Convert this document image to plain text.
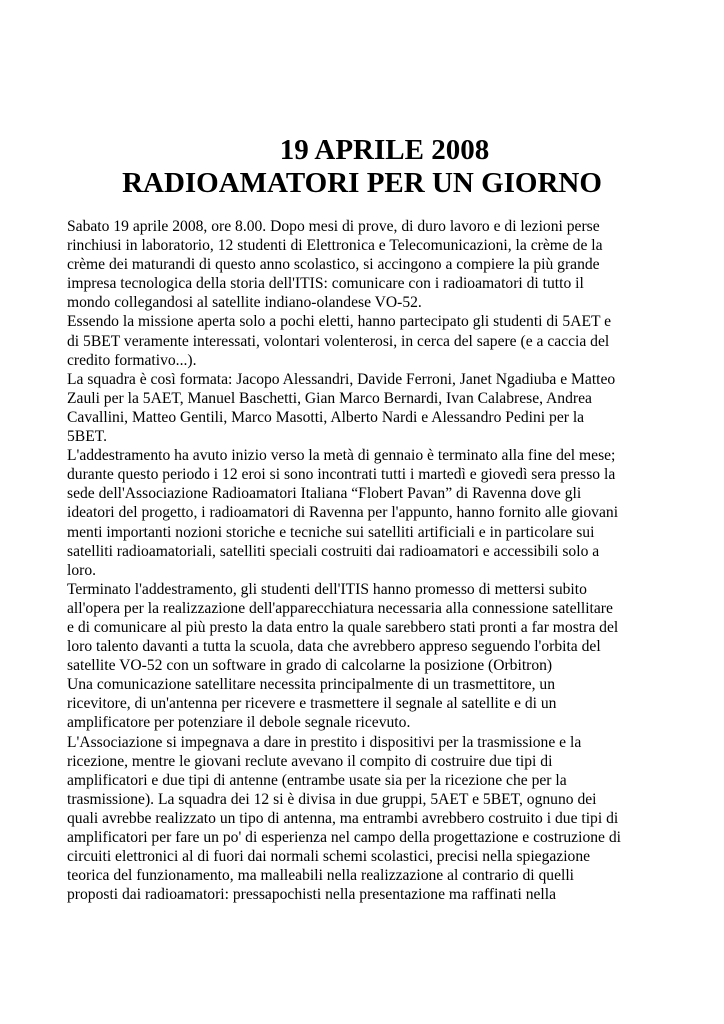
19 APRILE 2008
RADIOAMATORI PER UN GIORNO
Sabato 19 aprile 2008, ore 8.00. Dopo mesi di prove, di duro lavoro e di lezioni perse
rinchiusi in laboratorio, 12 studenti di Elettronica e Telecomunicazioni, la crème de la
crème dei maturandi di questo anno scolastico, si accingono a compiere la più grande
impresa tecnologica della storia dell'ITIS: comunicare con i radioamatori di tutto il
mondo collegandosi al satellite indiano-olandese VO-52.
Essendo la missione aperta solo a pochi eletti, hanno partecipato gli studenti di 5AET e
di 5BET veramente interessati, volontari volenterosi, in cerca del sapere (e a caccia del
credito formativo...).
La squadra è così formata: Jacopo Alessandri, Davide Ferroni, Janet Ngadiuba e Matteo
Zauli per la 5AET, Manuel Baschetti, Gian Marco Bernardi, Ivan Calabrese, Andrea
Cavallini, Matteo Gentili, Marco Masotti, Alberto Nardi e Alessandro Pedini per la
5BET.
L'addestramento ha avuto inizio verso la metà di gennaio è terminato alla fine del mese;
durante questo periodo i 12 eroi si sono incontrati tutti i martedì e giovedì sera presso la
sede dell'Associazione Radioamatori Italiana “Flobert Pavan” di Ravenna dove gli
ideatori del progetto, i radioamatori di Ravenna per l'appunto, hanno fornito alle giovani
menti importanti nozioni storiche e tecniche sui satelliti artificiali e in particolare sui
satelliti radioamatoriali, satelliti speciali costruiti dai radioamatori e accessibili solo a
loro.
Terminato l'addestramento, gli studenti dell'ITIS hanno promesso di mettersi subito
all'opera per la realizzazione dell'apparecchiatura necessaria alla connessione satellitare
e di comunicare al più presto la data entro la quale sarebbero stati pronti a far mostra del
loro talento davanti a tutta la scuola, data che avrebbero appreso seguendo l'orbita del
satellite VO-52 con un software in grado di calcolarne la posizione (Orbitron)
Una comunicazione satellitare necessita principalmente di un trasmettitore, un
ricevitore, di un'antenna per ricevere e trasmettere il segnale al satellite e di un
amplificatore per potenziare il debole segnale ricevuto.
L'Associazione si impegnava a dare in prestito i dispositivi per la trasmissione e la
ricezione, mentre le giovani reclute avevano il compito di costruire due tipi di
amplificatori e due tipi di antenne (entrambe usate sia per la ricezione che per la
trasmissione). La squadra dei 12 si è divisa in due gruppi, 5AET e 5BET, ognuno dei
quali avrebbe realizzato un tipo di antenna, ma entrambi avrebbero costruito i due tipi di
amplificatori per fare un po' di esperienza nel campo della progettazione e costruzione di
circuiti elettronici al di fuori dai normali schemi scolastici, precisi nella spiegazione
teorica del funzionamento, ma malleabili nella realizzazione al contrario di quelli
proposti dai radioamatori: pressapochisti nella presentazione ma raffinati nella
